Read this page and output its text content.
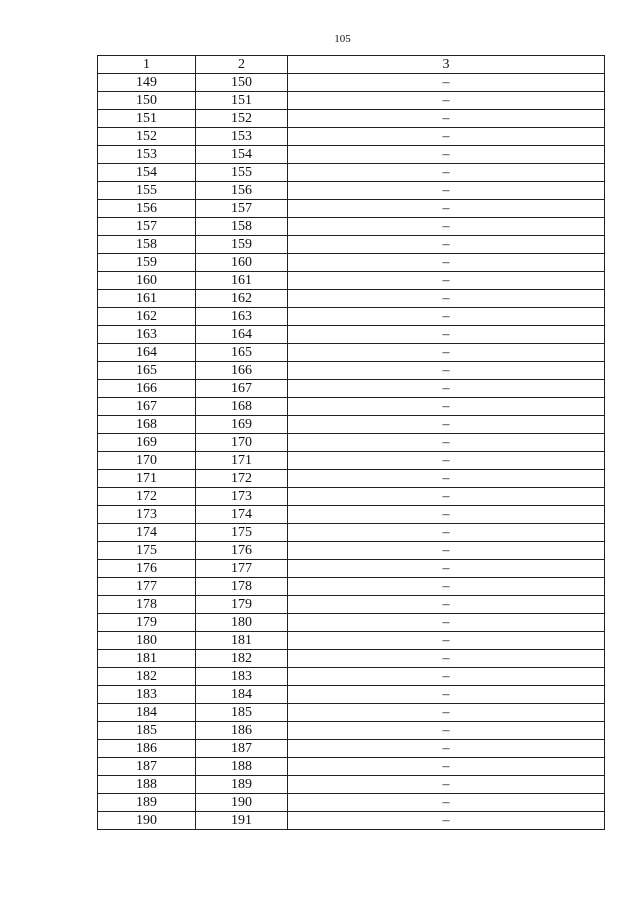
105
1	2	3
149	150	–
150	151	–
151	152	–
152	153	–
153	154	–
154	155	–
155	156	–
156	157	–
157	158	–
158	159	–
159	160	–
160	161	–
161	162	–
162	163	–
163	164	–
164	165	–
165	166	–
166	167	–
167	168	–
168	169	–
169	170	–
170	171	–
171	172	–
172	173	–
173	174	–
174	175	–
175	176	–
176	177	–
177	178	–
178	179	–
179	180	–
180	181	–
181	182	–
182	183	–
183	184	–
184	185	–
185	186	–
186	187	–
187	188	–
188	189	–
189	190	–
190	191	–
